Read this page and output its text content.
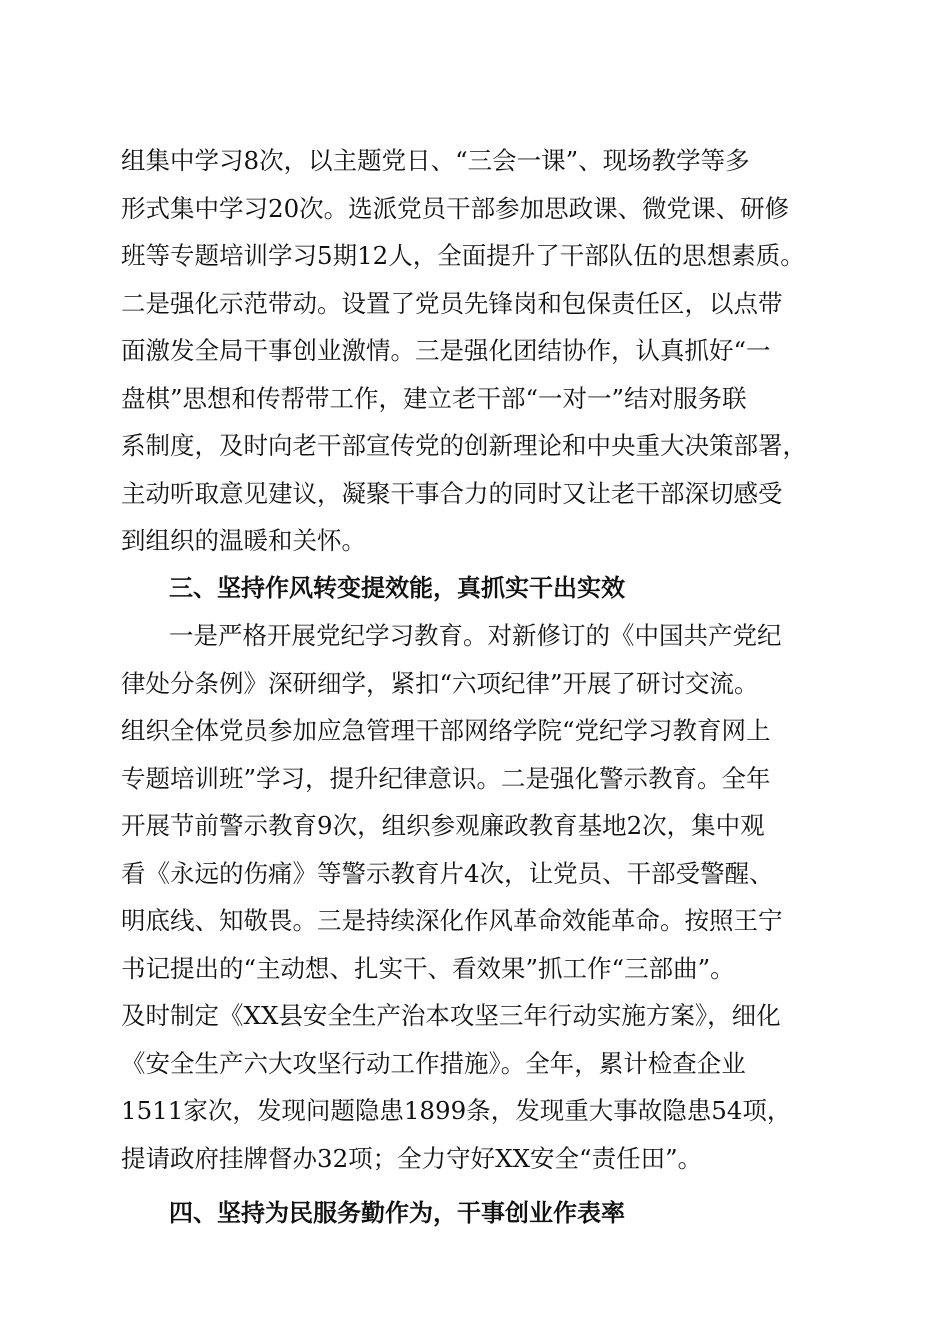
组集中学习8次，以主题党日、“三会一课”、现场教学等多
形式集中学习20次。选派党员干部参加思政课、微党课、研修
班等专题培训学习5期12人，全面提升了干部队伍的思想素质。
二是强化示范带动。设置了党员先锋岗和包保责任区，以点带
面激发全局干事创业激情。三是强化团结协作，认真抓好“一
盘棋”思想和传帮带工作，建立老干部“一对一”结对服务联
系制度，及时向老干部宣传党的创新理论和中央重大决策部署，
主动听取意见建议，凝聚干事合力的同时又让老干部深切感受
到组织的温暖和关怀。
三、坚持作风转变提效能，真抓实干出实效
一是严格开展党纪学习教育。对新修订的《中国共产党纪
律处分条例》深研细学，紧扣“六项纪律”开展了研讨交流。
组织全体党员参加应急管理干部网络学院“党纪学习教育网上
专题培训班”学习，提升纪律意识。二是强化警示教育。全年
开展节前警示教育9次，组织参观廉政教育基地2次，集中观
看《永远的伤痛》等警示教育片4次，让党员、干部受警醒、
明底线、知敬畏。三是持续深化作风革命效能革命。按照王宁
书记提出的“主动想、扎实干、看效果”抓工作“三部曲”。
及时制定《XX县安全生产治本攻坚三年行动实施方案》，细化
《安全生产六大攻坚行动工作措施》。全年，累计检查企业
1511家次，发现问题隐患1899条，发现重大事故隐患54项，
提请政府挂牌督办32项；全力守好XX安全“责任田”。
四、坚持为民服务勤作为，干事创业作表率
